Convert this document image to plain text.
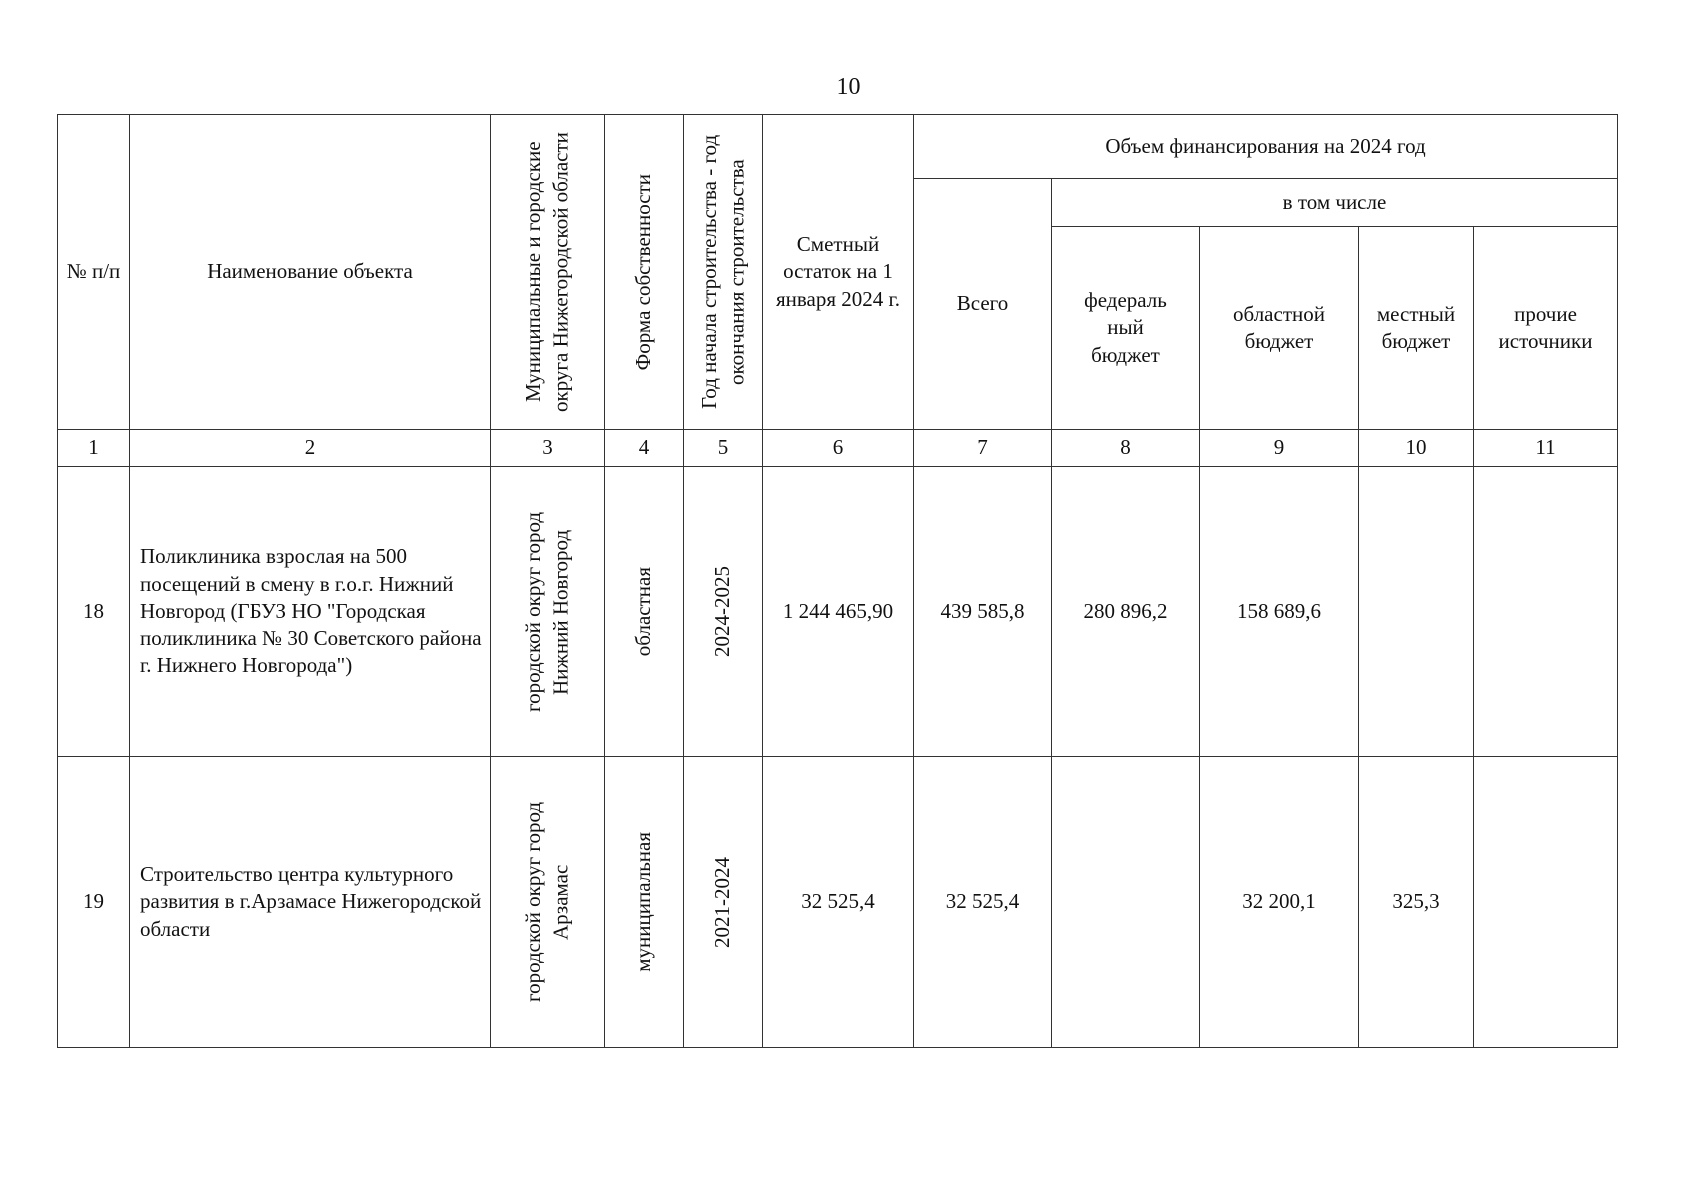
10
№ п/п	Наименование объекта	Муниципальные и городские округа Нижегородской области	Форма собственности	Год начала строительства - год окончания строительства	Сметный остаток на 1 января 2024 г.	Объем финансирования на 2024 год				
						Всего	в том числе			

							федераль ный бюджет	областной бюджет	местный бюджет	прочие источники

1	2	3	4	5	6	7	8	9	10	11
18	Поликлиника взрослая на 500 посещений в смену в г.о.г. Нижний Новгород (ГБУЗ НО "Городская поликлиника № 30 Советского района г. Нижнего Новгорода")	городской округ город Нижний Новгород	областная	2024-2025	1 244 465,90	439 585,8	280 896,2	158 689,6		
19	Строительство центра культурного развития в г.Арзамасе Нижегородской области	городской округ город Арзамас	муниципальная	2021-2024	32 525,4	32 525,4		32 200,1	325,3	
